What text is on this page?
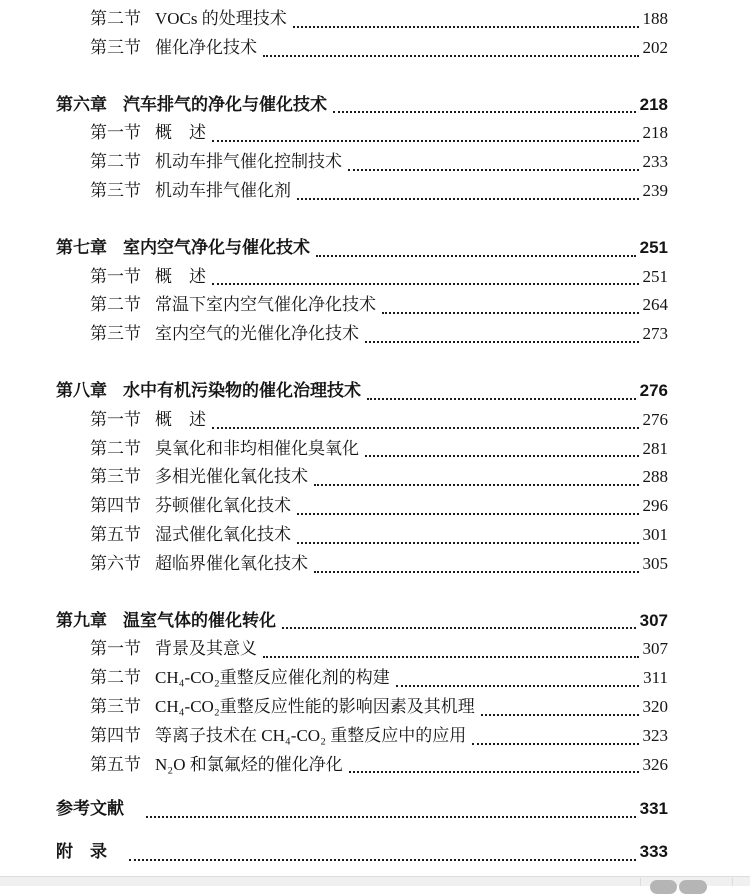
第二节 VOCs 的处理技术	188
第三节 催化净化技术	202
第六章 汽车排气的净化与催化技术	218
第一节 概　述	218
第二节 机动车排气催化控制技术	233
第三节 机动车排气催化剂	239
第七章 室内空气净化与催化技术	251
第一节 概　述	251
第二节 常温下室内空气催化净化技术	264
第三节 室内空气的光催化净化技术	273
第八章 水中有机污染物的催化治理技术	276
第一节 概　述	276
第二节 臭氧化和非均相催化臭氧化	281
第三节 多相光催化氧化技术	288
第四节 芬顿催化氧化技术	296
第五节 湿式催化氧化技术	301
第六节 超临界催化氧化技术	305
第九章 温室气体的催化转化	307
第一节 背景及其意义	307
第二节 CH₄-CO₂重整反应催化剂的构建	311
第三节 CH₄-CO₂重整反应性能的影响因素及其机理	320
第四节 等离子技术在 CH₄-CO₂ 重整反应中的应用	323
第五节 N₂O 和氯氟烃的催化净化	326
参考文献	331
附　录	333
